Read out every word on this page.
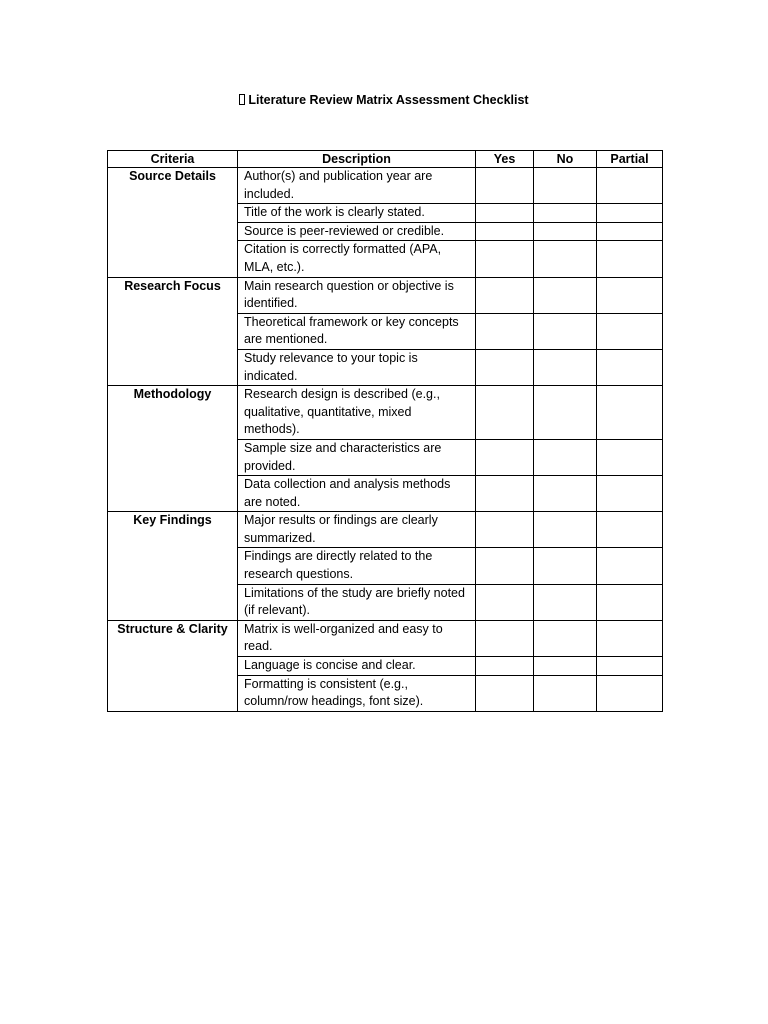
Literature Review Matrix Assessment Checklist
Criteria	Description	Yes	No	Partial
Source Details	Author(s) and publication year are included.			
	Title of the work is clearly stated.			
	Source is peer-reviewed or credible.			
	Citation is correctly formatted (APA, MLA, etc.).			
Research Focus	Main research question or objective is identified.			
	Theoretical framework or key concepts are mentioned.			
	Study relevance to your topic is indicated.			
Methodology	Research design is described (e.g., qualitative, quantitative, mixed methods).			
	Sample size and characteristics are provided.			
	Data collection and analysis methods are noted.			
Key Findings	Major results or findings are clearly summarized.			
	Findings are directly related to the research questions.			
	Limitations of the study are briefly noted (if relevant).			
Structure & Clarity	Matrix is well-organized and easy to read.			
	Language is concise and clear.			
	Formatting is consistent (e.g., column/row headings, font size).			
